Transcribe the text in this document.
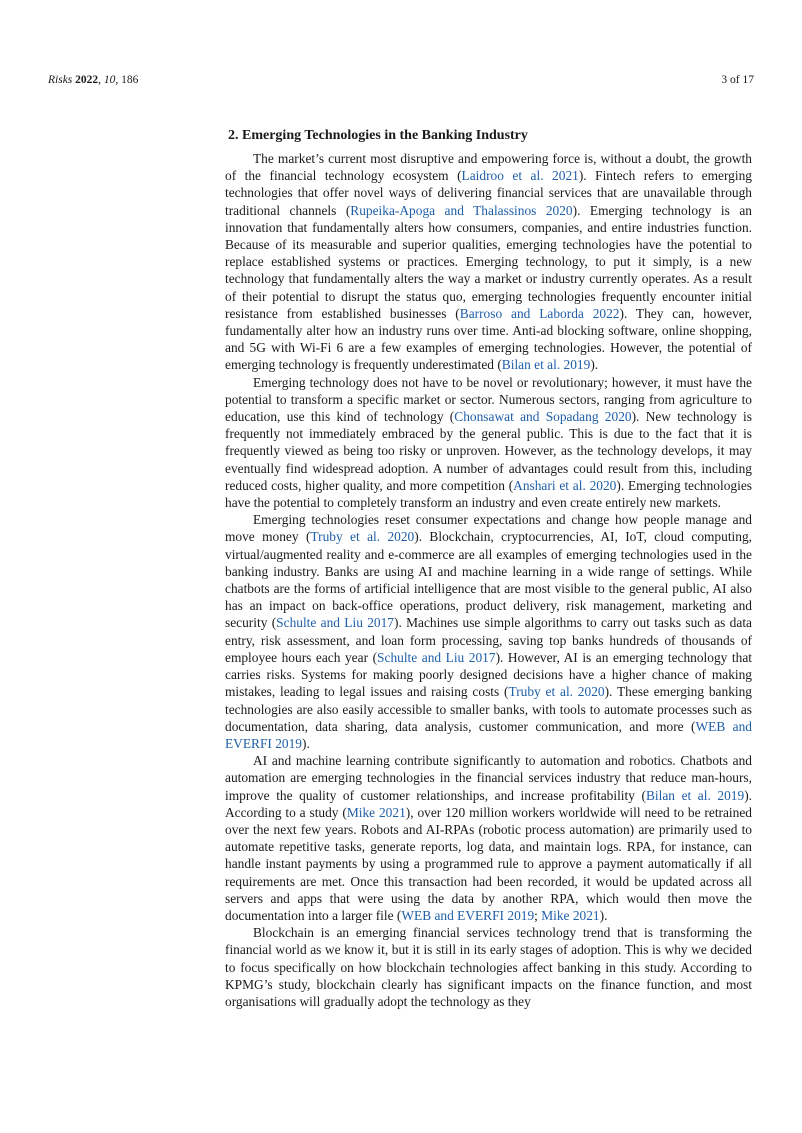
Risks 2022, 10, 186	3 of 17
2. Emerging Technologies in the Banking Industry

The market’s current most disruptive and empowering force is, without a doubt, the growth of the financial technology ecosystem (Laidroo et al. 2021). Fintech refers to emerging technologies that offer novel ways of delivering financial services that are unavailable through traditional channels (Rupeika-Apoga and Thalassinos 2020). Emerging technology is an innovation that fundamentally alters how consumers, companies, and entire industries function. Because of its measurable and superior qualities, emerging technologies have the potential to replace established systems or practices. Emerging technology, to put it simply, is a new technology that fundamentally alters the way a market or industry currently operates. As a result of their potential to disrupt the status quo, emerging technologies frequently encounter initial resistance from established businesses (Barroso and Laborda 2022). They can, however, fundamentally alter how an industry runs over time. Anti-ad blocking software, online shopping, and 5G with Wi-Fi 6 are a few examples of emerging technologies. However, the potential of emerging technology is frequently underestimated (Bilan et al. 2019).

Emerging technology does not have to be novel or revolutionary; however, it must have the potential to transform a specific market or sector. Numerous sectors, ranging from agriculture to education, use this kind of technology (Chonsawat and Sopadang 2020). New technology is frequently not immediately embraced by the general public. This is due to the fact that it is frequently viewed as being too risky or unproven. However, as the technology develops, it may eventually find widespread adoption. A number of advantages could result from this, including reduced costs, higher quality, and more competition (Anshari et al. 2020). Emerging technologies have the potential to completely transform an industry and even create entirely new markets.

Emerging technologies reset consumer expectations and change how people manage and move money (Truby et al. 2020). Blockchain, cryptocurrencies, AI, IoT, cloud computing, virtual/augmented reality and e-commerce are all examples of emerging technologies used in the banking industry. Banks are using AI and machine learning in a wide range of settings. While chatbots are the forms of artificial intelligence that are most visible to the general public, AI also has an impact on back-office operations, product delivery, risk management, marketing and security (Schulte and Liu 2017). Machines use simple algorithms to carry out tasks such as data entry, risk assessment, and loan form processing, saving top banks hundreds of thousands of employee hours each year (Schulte and Liu 2017). However, AI is an emerging technology that carries risks. Systems for making poorly designed decisions have a higher chance of making mistakes, leading to legal issues and raising costs (Truby et al. 2020). These emerging banking technologies are also easily accessible to smaller banks, with tools to automate processes such as documentation, data sharing, data analysis, customer communication, and more (WEB and EVERFI 2019).

AI and machine learning contribute significantly to automation and robotics. Chatbots and automation are emerging technologies in the financial services industry that reduce man-hours, improve the quality of customer relationships, and increase profitability (Bilan et al. 2019). According to a study (Mike 2021), over 120 million workers worldwide will need to be retrained over the next few years. Robots and AI-RPAs (robotic process automation) are primarily used to automate repetitive tasks, generate reports, log data, and maintain logs. RPA, for instance, can handle instant payments by using a programmed rule to approve a payment automatically if all requirements are met. Once this transaction had been recorded, it would be updated across all servers and apps that were using the data by another RPA, which would then move the documentation into a larger file (WEB and EVERFI 2019; Mike 2021).

Blockchain is an emerging financial services technology trend that is transforming the financial world as we know it, but it is still in its early stages of adoption. This is why we decided to focus specifically on how blockchain technologies affect banking in this study. According to KPMG’s study, blockchain clearly has significant impacts on the finance function, and most organisations will gradually adopt the technology as they
